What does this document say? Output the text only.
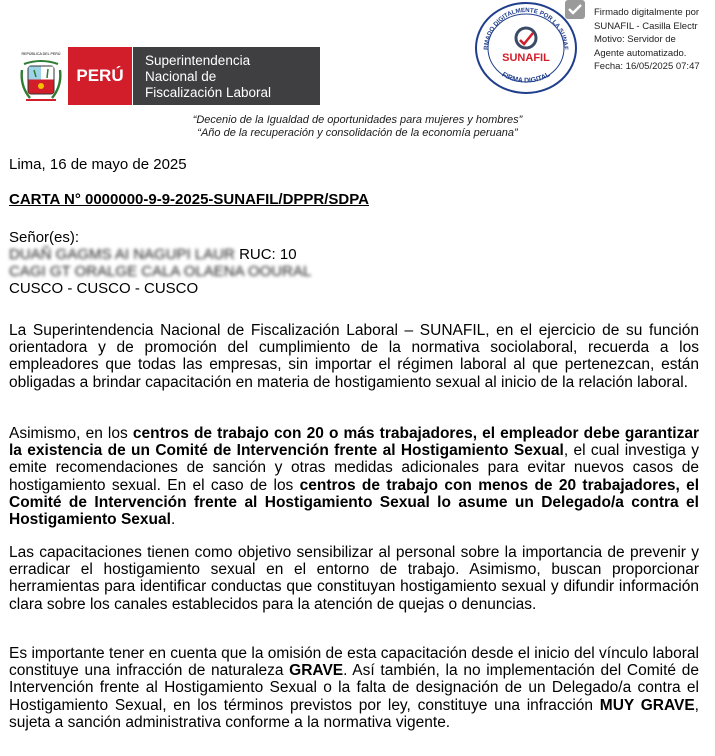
REPÚBLICA DEL PERÚ
PERÚ
Superintendencia
Nacional de
Fiscalización Laboral
RMADO DIGITALMENTE POR LA SUNAF
SUNAFIL
FIRMA DIGITAL
Firmado digitalmente por
SUNAFIL - Casilla Electr
Motivo: Servidor de
Agente automatizado.
Fecha: 16/05/2025 07:47
“Decenio de la Igualdad de oportunidades para mujeres y hombres”
“Año de la recuperación y consolidación de la economía peruana”
Lima, 16 de mayo de 2025
CARTA N° 0000000-9-9-2025-SUNAFIL/DPPR/SDPA
Señor(es):
DUAÑ GAGMS AI NAGUPI LAUR RUC: 10
CAGI GT ORALGE CALA OLAENA OOURAL
CUSCO - CUSCO - CUSCO

La Superintendencia Nacional de Fiscalización Laboral – SUNAFIL, en el ejercicio de su función orientadora y de promoción del cumplimiento de la normativa sociolaboral, recuerda a los empleadores que todas las empresas, sin importar el régimen laboral al que pertenezcan, están obligadas a brindar capacitación en materia de hostigamiento sexual al inicio de la relación laboral.

Asimismo, en los centros de trabajo con 20 o más trabajadores, el empleador debe garantizar la existencia de un Comité de Intervención frente al Hostigamiento Sexual, el cual investiga y emite recomendaciones de sanción y otras medidas adicionales para evitar nuevos casos de hostigamiento sexual. En el caso de los centros de trabajo con menos de 20 trabajadores, el Comité de Intervención frente al Hostigamiento Sexual lo asume un Delegado/a contra el Hostigamiento Sexual.

Las capacitaciones tienen como objetivo sensibilizar al personal sobre la importancia de prevenir y erradicar el hostigamiento sexual en el entorno de trabajo. Asimismo, buscan proporcionar herramientas para identificar conductas que constituyan hostigamiento sexual y difundir información clara sobre los canales establecidos para la atención de quejas o denuncias.

Es importante tener en cuenta que la omisión de esta capacitación desde el inicio del vínculo laboral constituye una infracción de naturaleza GRAVE. Así también, la no implementación del Comité de Intervención frente al Hostigamiento Sexual o la falta de designación de un Delegado/a contra el Hostigamiento Sexual, en los términos previstos por ley, constituye una infracción MUY GRAVE, sujeta a sanción administrativa conforme a la normativa vigente.
